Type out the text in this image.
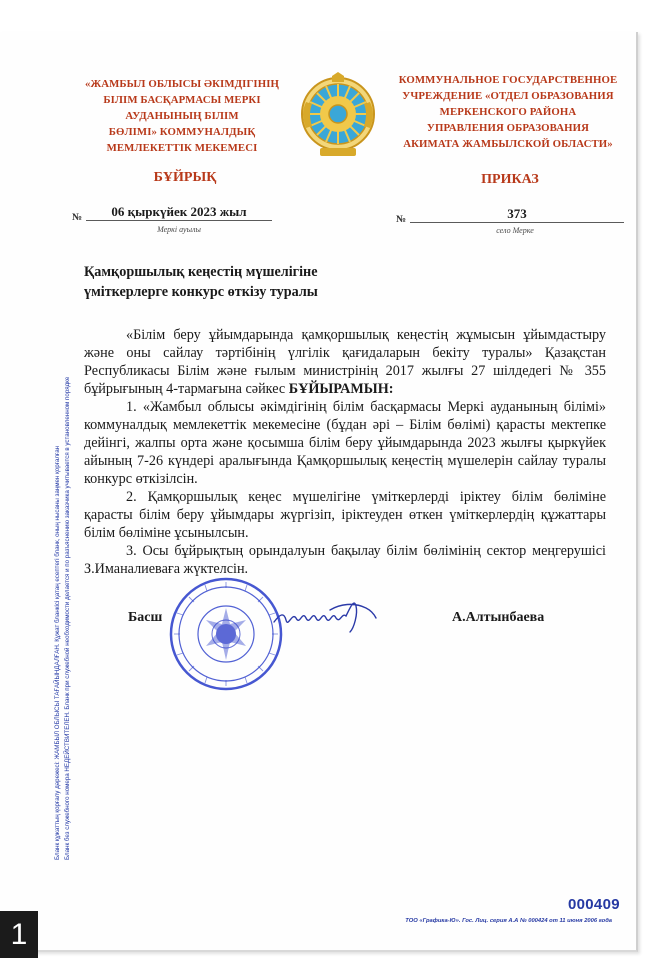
«ЖАМБЫЛ ОБЛЫСЫ ӘКІМДІГІНІҢ
БІЛІМ БАСҚАРМАСЫ МЕРКІ
АУДАНЫНЫҢ БІЛІМ
БӨЛІМІ» КОММУНАЛДЫҚ
МЕМЛЕКЕТТІК МЕКЕМЕСІ
КОММУНАЛЬНОЕ ГОСУДАРСТВЕННОЕ
УЧРЕЖДЕНИЕ «ОТДЕЛ ОБРАЗОВАНИЯ
МЕРКЕНСКОГО РАЙОНА
УПРАВЛЕНИЯ ОБРАЗОВАНИЯ
АКИМАТА ЖАМБЫЛСКОЙ ОБЛАСТИ»
БҰЙРЫҚ	ПРИКАЗ
№	06 қыркүйек 2023 жыл
Меркі ауылы
№	373
село Мерке
Қамқоршылық кеңестің мүшелігіне
үміткерлерге конкурс өткізу туралы

«Білім беру ұйымдарында қамқоршылық кеңестің жұмысын ұйымдастыру және оны сайлау тәртібінің үлгілік қағидаларын бекіту туралы» Қазақстан Республикасы Білім және ғылым министрінің 2017 жылғы 27 шілдедегі № 355 бұйрығының 4-тармағына сәйкес БҰЙЫРАМЫН:

1. «Жамбыл облысы әкімдігінің білім басқармасы Меркі ауданының білімі» коммуналдық мемлекеттік мекемесіне (бұдан әрі – Білім бөлімі) қарасты мектепке дейінгі, жалпы орта және қосымша білім беру ұйымдарында 2023 жылғы қыркүйек айының 7-26 күндері аралығында Қамқоршылық кеңестің мүшелерін сайлау туралы конкурс өткізілсін.

2. Қамқоршылық кеңес мүшелігіне үміткерлерді іріктеу білім бөліміне қарасты білім беру ұйымдары жүргізіп, іріктеуден өткен үміткерлердің құжаттары білім бөліміне ұсынылсын.

3. Осы бұйрықтың орындалуын бақылау білім бөлімінің сектор меңгерушісі З.Иманалиеваға жүктелсін.

Басш	А.Алтынбаева
Бланк құжаттың қорғалу дәрежесі: ЖАМБЫЛ ОБЛЫСЫ ТАҒАЙЫНДАЛҒАН. Құжат бланкісі қатаң есептегі бланк, оның нысаны заңмен қорғалған Бланк без служебного номера НЕДЕЙСТВИТЕЛЕН. Бланк при служебной необходимости делается и по разъяснению заказчика учитывается в установленном порядке
000409
ТОО «Графика-Ю». Гос. Лиц. серия А.А № 000424 от 11 июня 2006 года
1
